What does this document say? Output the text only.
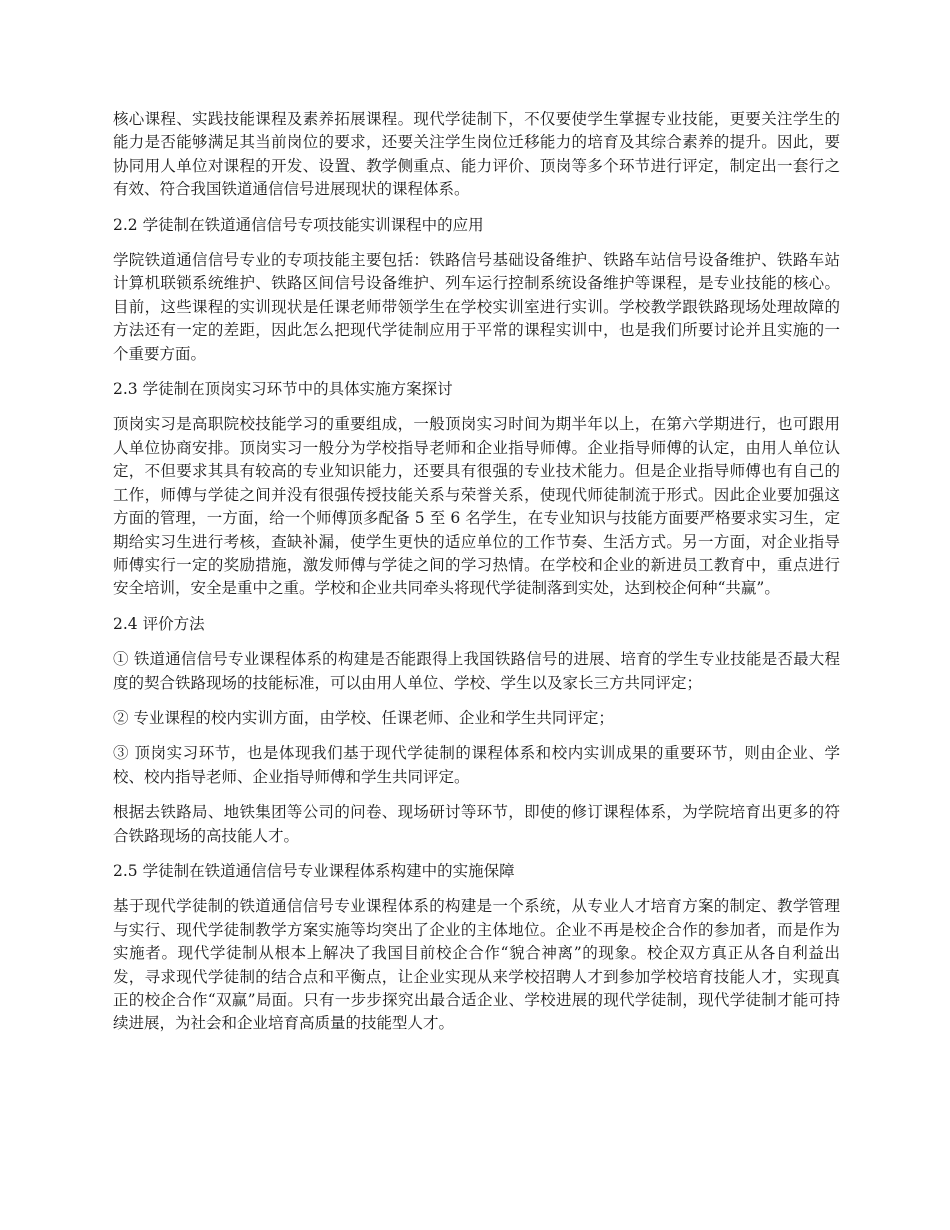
核心课程、实践技能课程及素养拓展课程。现代学徒制下，不仅要使学生掌握专业技能，更要关注学生的能力是否能够满足其当前岗位的要求，还要关注学生岗位迁移能力的培育及其综合素养的提升。因此，要协同用人单位对课程的开发、设置、教学侧重点、能力评价、顶岗等多个环节进行评定，制定出一套行之有效、符合我国铁道通信信号进展现状的课程体系。

2.2 学徒制在铁道通信信号专项技能实训课程中的应用

学院铁道通信信号专业的专项技能主要包括：铁路信号基础设备维护、铁路车站信号设备维护、铁路车站计算机联锁系统维护、铁路区间信号设备维护、列车运行控制系统设备维护等课程，是专业技能的核心。目前，这些课程的实训现状是任课老师带领学生在学校实训室进行实训。学校教学跟铁路现场处理故障的方法还有一定的差距，因此怎么把现代学徒制应用于平常的课程实训中，也是我们所要讨论并且实施的一个重要方面。

2.3 学徒制在顶岗实习环节中的具体实施方案探讨

顶岗实习是高职院校技能学习的重要组成，一般顶岗实习时间为期半年以上，在第六学期进行，也可跟用人单位协商安排。顶岗实习一般分为学校指导老师和企业指导师傅。企业指导师傅的认定，由用人单位认定，不但要求其具有较高的专业知识能力，还要具有很强的专业技术能力。但是企业指导师傅也有自己的工作，师傅与学徒之间并没有很强传授技能关系与荣誉关系，使现代师徒制流于形式。因此企业要加强这方面的管理，一方面，给一个师傅顶多配备 5 至 6 名学生，在专业知识与技能方面要严格要求实习生，定期给实习生进行考核，查缺补漏，使学生更快的适应单位的工作节奏、生活方式。另一方面，对企业指导师傅实行一定的奖励措施，激发师傅与学徒之间的学习热情。在学校和企业的新进员工教育中，重点进行安全培训，安全是重中之重。学校和企业共同牵头将现代学徒制落到实处，达到校企何种“共赢”。

2.4 评价方法

① 铁道通信信号专业课程体系的构建是否能跟得上我国铁路信号的进展、培育的学生专业技能是否最大程度的契合铁路现场的技能标准，可以由用人单位、学校、学生以及家长三方共同评定；

② 专业课程的校内实训方面，由学校、任课老师、企业和学生共同评定；

③ 顶岗实习环节，也是体现我们基于现代学徒制的课程体系和校内实训成果的重要环节，则由企业、学校、校内指导老师、企业指导师傅和学生共同评定。

根据去铁路局、地铁集团等公司的问卷、现场研讨等环节，即使的修订课程体系，为学院培育出更多的符合铁路现场的高技能人才。

2.5 学徒制在铁道通信信号专业课程体系构建中的实施保障

基于现代学徒制的铁道通信信号专业课程体系的构建是一个系统，从专业人才培育方案的制定、教学管理与实行、现代学徒制教学方案实施等均突出了企业的主体地位。企业不再是校企合作的参加者，而是作为实施者。现代学徒制从根本上解决了我国目前校企合作“貌合神离”的现象。校企双方真正从各自利益出发，寻求现代学徒制的结合点和平衡点，让企业实现从来学校招聘人才到参加学校培育技能人才，实现真正的校企合作“双赢”局面。只有一步步探究出最合适企业、学校进展的现代学徒制，现代学徒制才能可持续进展，为社会和企业培育高质量的技能型人才。
